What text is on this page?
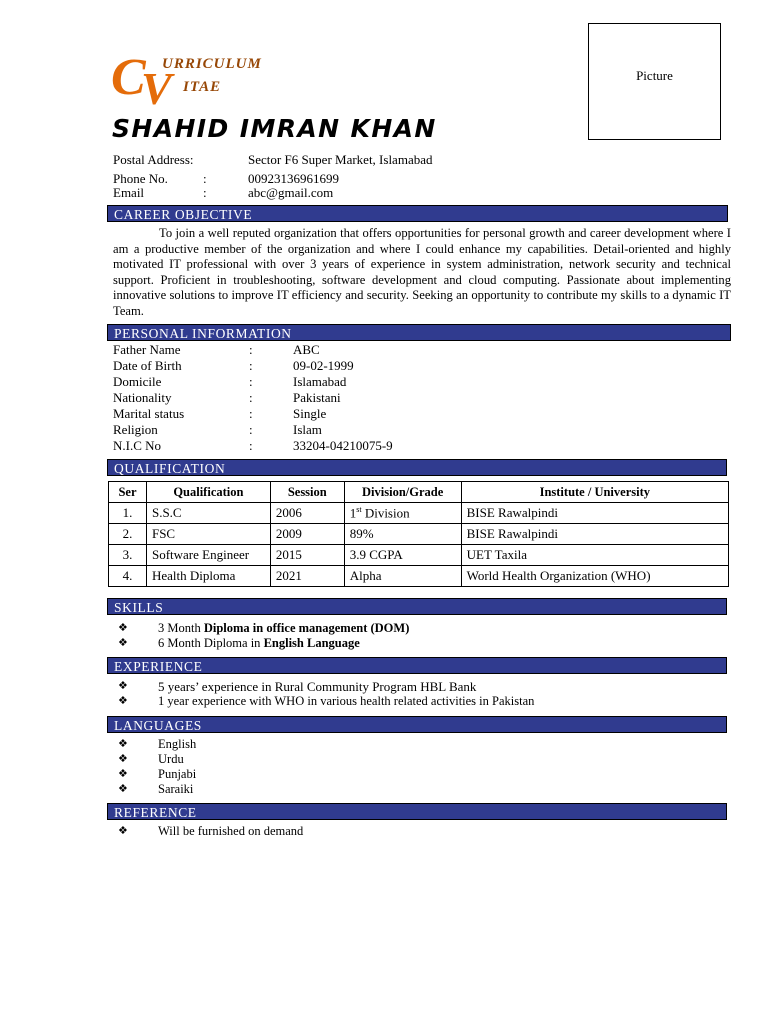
C
V
URRICULUM
ITAE
Picture
SHAHID IMRAN KHAN
Postal Address:	Sector F6 Super Market, Islamabad
Phone No.	:	00923136961699
Email	:	abc@gmail.com
CAREER OBJECTIVE

To join a well reputed organization that offers opportunities for personal growth and career development where I am a productive member of the organization and where I could enhance my capabilities. Detail-oriented and highly motivated IT professional with over 3 years of experience in system administration, network security and technical support. Proficient in troubleshooting, software development and cloud computing. Passionate about implementing innovative solutions to improve IT efficiency and security. Seeking an opportunity to contribute my skills to a dynamic IT Team.

PERSONAL INFORMATION
Father Name	:	ABC
Date of Birth	:	09-02-1999
Domicile	:	Islamabad
Nationality	:	Pakistani
Marital status	:	Single
Religion	:	Islam
N.I.C No	:	33204-04210075-9
QUALIFICATION
Ser	Qualification	Session	Division/Grade	Institute / University
1.	S.S.C	2006	1st Division	BISE Rawalpindi
2.	FSC	2009	89%	BISE Rawalpindi
3.	Software Engineer	2015	3.9 CGPA	UET Taxila
4.	Health Diploma	2021	Alpha	World Health Organization (WHO)
SKILLS
❖ 3 Month Diploma in office management (DOM)
❖ 6 Month Diploma in English Language
EXPERIENCE
❖ 5 years’ experience in Rural Community Program HBL Bank
❖ 1 year experience with WHO in various health related activities in Pakistan
LANGUAGES
❖ English
❖ Urdu
❖ Punjabi
❖ Saraiki
REFERENCE
❖ Will be furnished on demand
